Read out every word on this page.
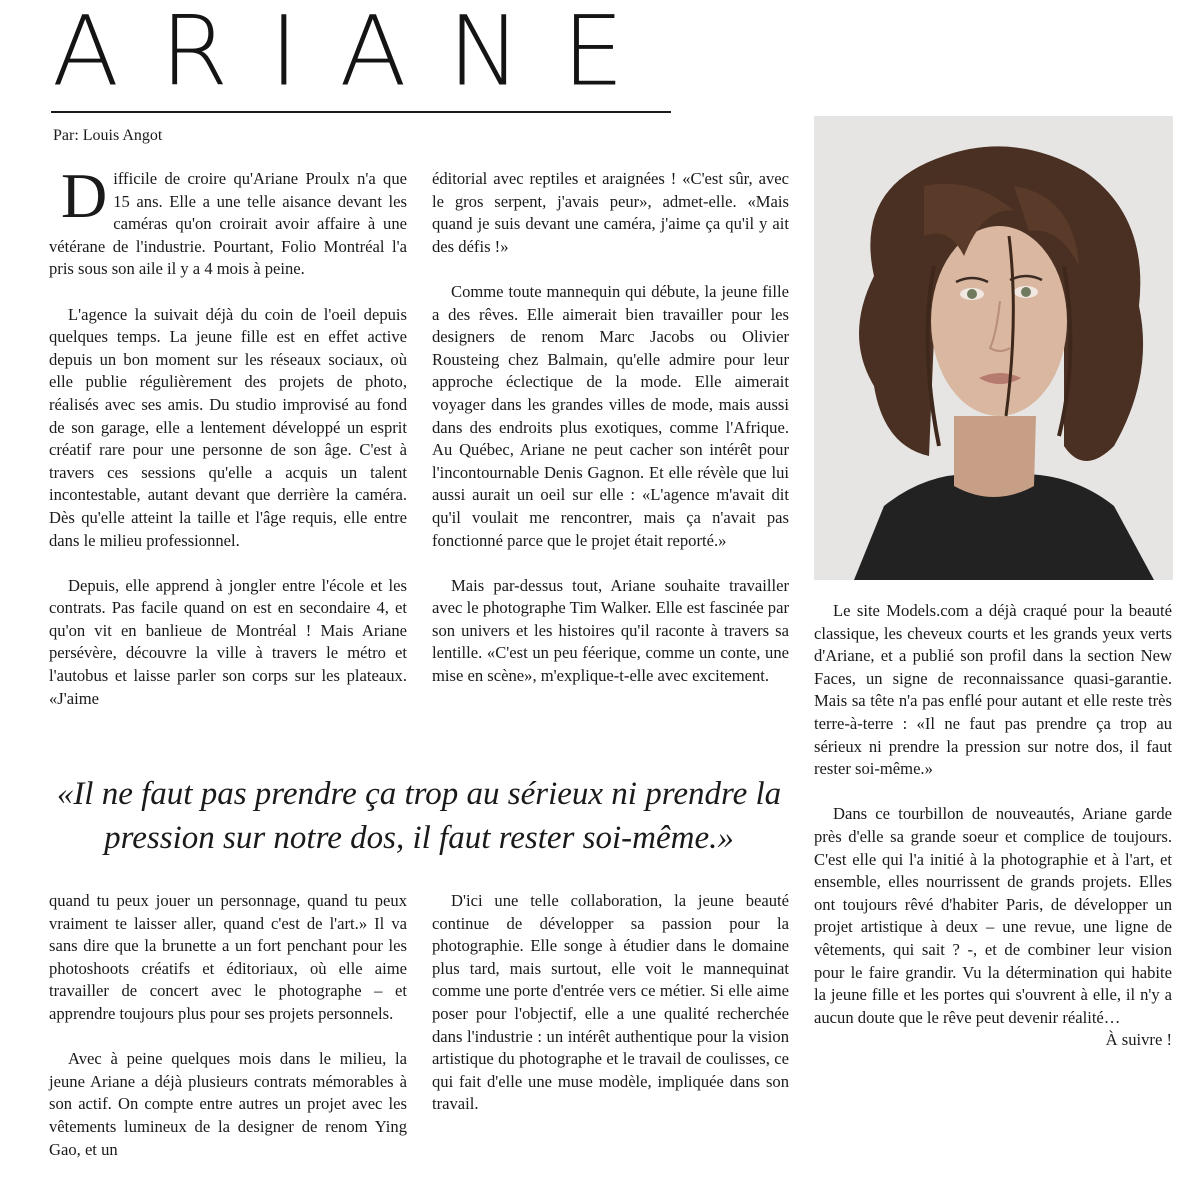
ARIANE

Par: Louis Angot

Difficile de croire qu'Ariane Proulx n'a que 15 ans. Elle a une telle aisance devant les caméras qu'on croirait avoir affaire à une vétérane de l'industrie. Pourtant, Folio Montréal l'a pris sous son aile il y a 4 mois à peine.

L'agence la suivait déjà du coin de l'oeil depuis quelques temps. La jeune fille est en effet active depuis un bon moment sur les réseaux sociaux, où elle publie régulièrement des projets de photo, réalisés avec ses amis. Du studio improvisé au fond de son garage, elle a lentement développé un esprit créatif rare pour une personne de son âge. C'est à travers ces sessions qu'elle a acquis un talent incontestable, autant devant que derrière la caméra. Dès qu'elle atteint la taille et l'âge requis, elle entre dans le milieu professionnel.

Depuis, elle apprend à jongler entre l'école et les contrats. Pas facile quand on est en secondaire 4, et qu'on vit en banlieue de Montréal ! Mais Ariane persévère, découvre la ville à travers le métro et l'autobus et laisse parler son corps sur les plateaux. «J'aime

éditorial avec reptiles et araignées ! «C'est sûr, avec le gros serpent, j'avais peur», admet-elle. «Mais quand je suis devant une caméra, j'aime ça qu'il y ait des défis !»

Comme toute mannequin qui débute, la jeune fille a des rêves. Elle aimerait bien travailler pour les designers de renom Marc Jacobs ou Olivier Rousteing chez Balmain, qu'elle admire pour leur approche éclectique de la mode. Elle aimerait voyager dans les grandes villes de mode, mais aussi dans des endroits plus exotiques, comme l'Afrique. Au Québec, Ariane ne peut cacher son intérêt pour l'incontournable Denis Gagnon. Et elle révèle que lui aussi aurait un oeil sur elle : «L'agence m'avait dit qu'il voulait me rencontrer, mais ça n'avait pas fonctionné parce que le projet était reporté.»

Mais par-dessus tout, Ariane souhaite travailler avec le photographe Tim Walker. Elle est fascinée par son univers et les histoires qu'il raconte à travers sa lentille. «C'est un peu féerique, comme un conte, une mise en scène», m'explique-t-elle avec excitement.

«Il ne faut pas prendre ça trop au sérieux ni prendre la pression sur notre dos, il faut rester soi-même.»

quand tu peux jouer un personnage, quand tu peux vraiment te laisser aller, quand c'est de l'art.» Il va sans dire que la brunette a un fort penchant pour les photoshoots créatifs et éditoriaux, où elle aime travailler de concert avec le photographe – et apprendre toujours plus pour ses projets personnels.

Avec à peine quelques mois dans le milieu, la jeune Ariane a déjà plusieurs contrats mémorables à son actif. On compte entre autres un projet avec les vêtements lumineux de la designer de renom Ying Gao, et un

D'ici une telle collaboration, la jeune beauté continue de développer sa passion pour la photographie. Elle songe à étudier dans le domaine plus tard, mais surtout, elle voit le mannequinat comme une porte d'entrée vers ce métier. Si elle aime poser pour l'objectif, elle a une qualité recherchée dans l'industrie : un intérêt authentique pour la vision artistique du photographe et le travail de coulisses, ce qui fait d'elle une muse modèle, impliquée dans son travail.

Le site Models.com a déjà craqué pour la beauté classique, les cheveux courts et les grands yeux verts d'Ariane, et a publié son profil dans la section New Faces, un signe de reconnaissance quasi-garantie. Mais sa tête n'a pas enflé pour autant et elle reste très terre-à-terre : «Il ne faut pas prendre ça trop au sérieux ni prendre la pression sur notre dos, il faut rester soi-même.»

Dans ce tourbillon de nouveautés, Ariane garde près d'elle sa grande soeur et complice de toujours. C'est elle qui l'a initié à la photographie et à l'art, et ensemble, elles nourrissent de grands projets. Elles ont toujours rêvé d'habiter Paris, de développer un projet artistique à deux – une revue, une ligne de vêtements, qui sait ? -, et de combiner leur vision pour le faire grandir. Vu la détermination qui habite la jeune fille et les portes qui s'ouvrent à elle, il n'y a aucun doute que le rêve peut devenir réalité…

À suivre !
